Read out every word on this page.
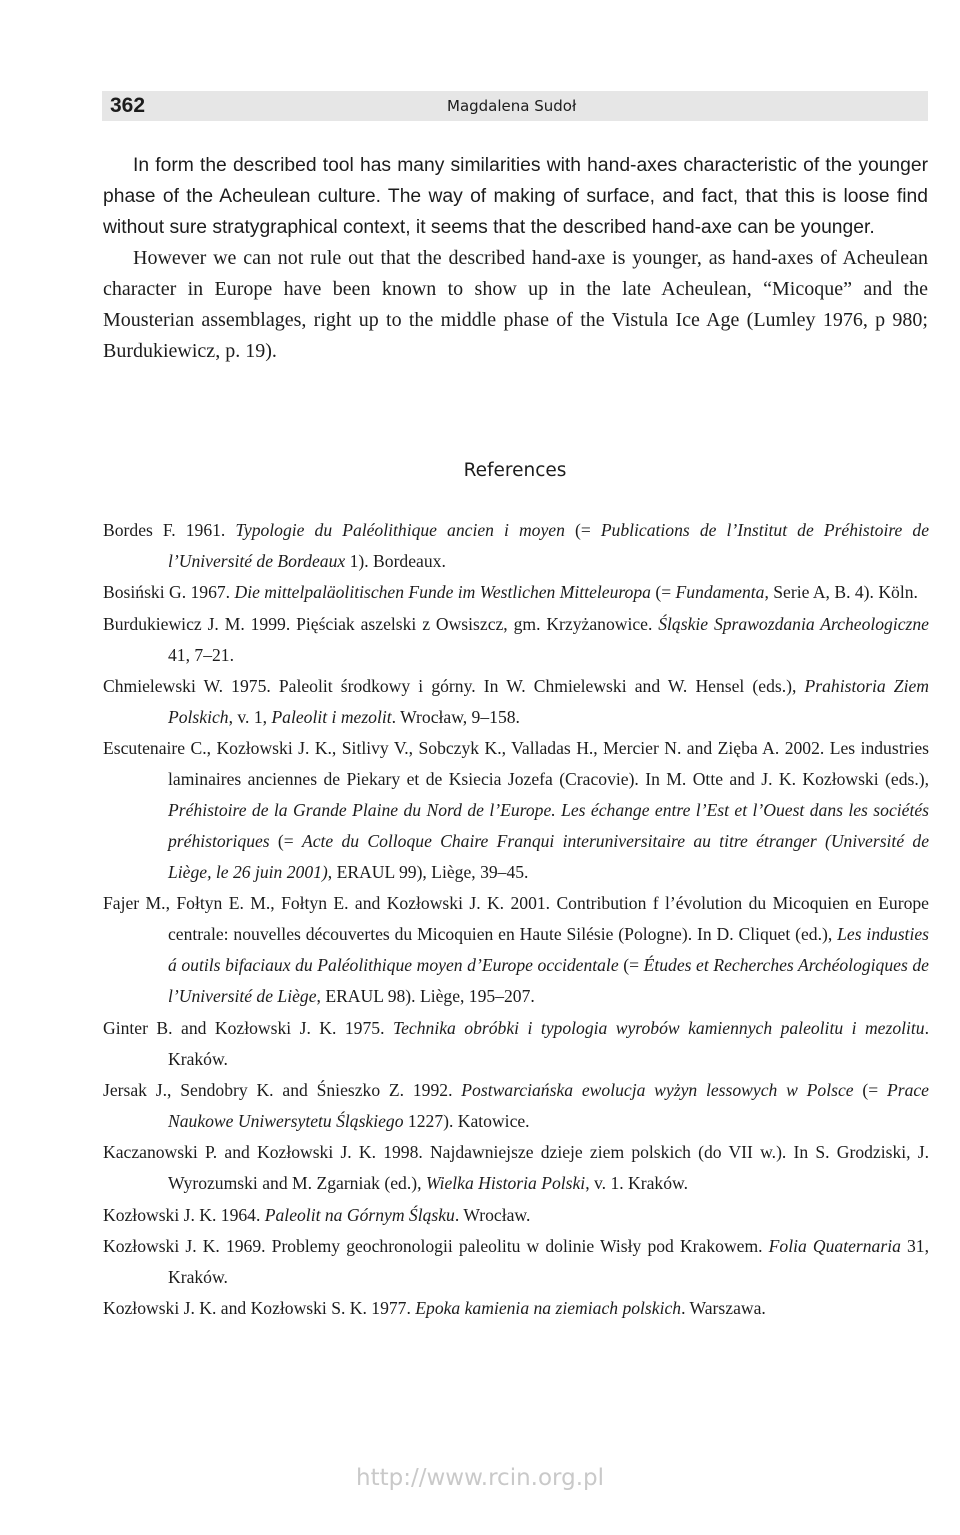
362	Magdalena Sudoł

In form the described tool has many similarities with hand-axes characteristic of the younger phase of the Acheulean culture. The way of making of surface, and fact, that this is loose find without sure stratygraphical context, it seems that the described hand-axe can be younger.

However we can not rule out that the described hand-axe is younger, as hand-axes of Acheulean character in Europe have been known to show up in the late Acheulean, “Micoque” and the Mousterian assemblages, right up to the middle phase of the Vistula Ice Age (Lumley 1976, p 980; Burdukiewicz, p. 19).

References

Bordes F. 1961. Typologie du Paléolithique ancien i moyen (= Publications de l’Institut de Préhistoire de l’Université de Bordeaux 1). Bordeaux.

Bosiński G. 1967. Die mittelpaläolitischen Funde im Westlichen Mitteleuropa (= Fundamenta, Serie A, B. 4). Köln.

Burdukiewicz J. M. 1999. Pięściak aszelski z Owsiszcz, gm. Krzyżanowice. Śląskie Sprawozdania Archeologiczne 41, 7–21.

Chmielewski W. 1975. Paleolit środkowy i górny. In W. Chmielewski and W. Hensel (eds.), Prahistoria Ziem Polskich, v. 1, Paleolit i mezolit. Wrocław, 9–158.

Escutenaire C., Kozłowski J. K., Sitlivy V., Sobczyk K., Valladas H., Mercier N. and Zięba A. 2002. Les industries laminaires anciennes de Piekary et de Ksiecia Jozefa (Cracovie). In M. Otte and J. K. Kozłowski (eds.), Préhistoire de la Grande Plaine du Nord de l’Europe. Les échange entre l’Est et l’Ouest dans les sociétés préhistoriques (= Acte du Colloque Chaire Franqui interuniversitaire au titre étranger (Université de Liège, le 26 juin 2001), ERAUL 99), Liège, 39–45.

Fajer M., Fołtyn E. M., Fołtyn E. and Kozłowski J. K. 2001. Contribution f l’évolution du Micoquien en Europe centrale: nouvelles découvertes du Micoquien en Haute Silésie (Pologne). In D. Cliquet (ed.), Les industies á outils bifaciaux du Paléolithique moyen d’Europe occidentale (= Études et Recherches Archéologiques de l’Université de Liège, ERAUL 98). Liège, 195–207.

Ginter B. and Kozłowski J. K. 1975. Technika obróbki i typologia wyrobów kamiennych paleolitu i mezolitu. Kraków.

Jersak J., Sendobry K. and Śnieszko Z. 1992. Postwarciańska ewolucja wyżyn lessowych w Polsce (= Prace Naukowe Uniwersytetu Śląskiego 1227). Katowice.

Kaczanowski P. and Kozłowski J. K. 1998. Najdawniejsze dzieje ziem polskich (do VII w.). In S. Grodziski, J. Wyrozumski and M. Zgarniak (ed.), Wielka Historia Polski, v. 1. Kraków.

Kozłowski J. K. 1964. Paleolit na Górnym Śląsku. Wrocław.

Kozłowski J. K. 1969. Problemy geochronologii paleolitu w dolinie Wisły pod Krakowem. Folia Quaternaria 31, Kraków.

Kozłowski J. K. and Kozłowski S. K. 1977. Epoka kamienia na ziemiach polskich. Warszawa.

http://www.rcin.org.pl
